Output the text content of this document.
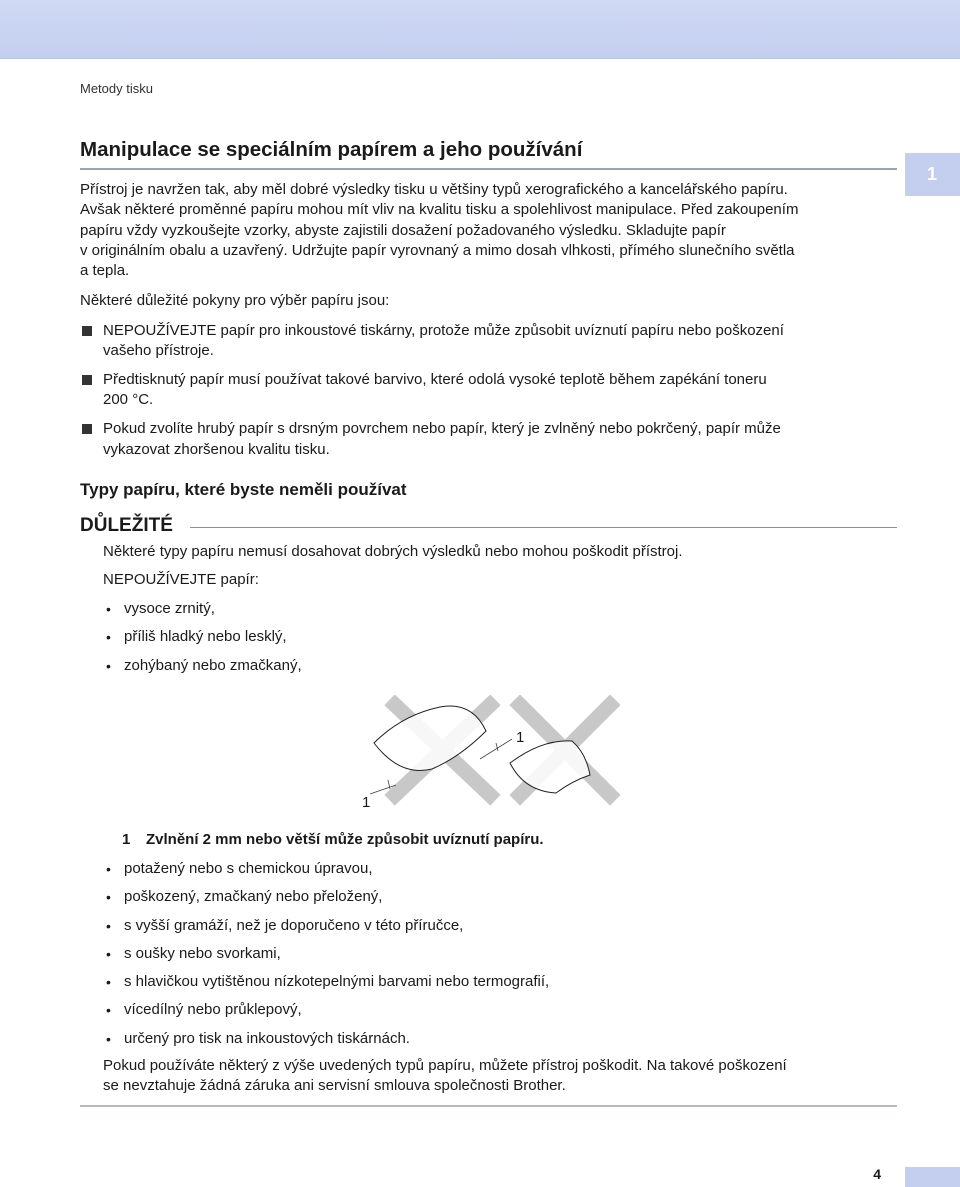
Metody tisku
1
Manipulace se speciálním papírem a jeho používání
Přístroj je navržen tak, aby měl dobré výsledky tisku u většiny typů xerografického a kancelářského papíru.
Avšak některé proměnné papíru mohou mít vliv na kvalitu tisku a spolehlivost manipulace. Před zakoupením
papíru vždy vyzkoušejte vzorky, abyste zajistili dosažení požadovaného výsledku. Skladujte papír
v originálním obalu a uzavřený. Udržujte papír vyrovnaný a mimo dosah vlhkosti, přímého slunečního světla
a tepla.

Některé důležité pokyny pro výběr papíru jsou:

NEPOUŽÍVEJTE papír pro inkoustové tiskárny, protože může způsobit uvíznutí papíru nebo poškození
vašeho přístroje.
Předtisknutý papír musí používat takové barvivo, které odolá vysoké teplotě během zapékání toneru
200 °C.
Pokud zvolíte hrubý papír s drsným povrchem nebo papír, který je zvlněný nebo pokrčený, papír může
vykazovat zhoršenou kvalitu tisku.
Typy papíru, které byste neměli používat
DŮLEŽITÉ

Některé typy papíru nemusí dosahovat dobrých výsledků nebo mohou poškodit přístroj.

NEPOUŽÍVEJTE papír:

• vysoce zrnitý,
• příliš hladký nebo lesklý,
• zohýbaný nebo zmačkaný,
1
1
1 Zvlnění 2 mm nebo větší může způsobit uvíznutí papíru.
• potažený nebo s chemickou úpravou,
• poškozený, zmačkaný nebo přeložený,
• s vyšší gramáží, než je doporučeno v této příručce,
• s oušky nebo svorkami,
• s hlavičkou vytištěnou nízkotepelnými barvami nebo termografií,
• vícedílný nebo průklepový,
• určený pro tisk na inkoustových tiskárnách.
Pokud používáte některý z výše uvedených typů papíru, můžete přístroj poškodit. Na takové poškození
se nevztahuje žádná záruka ani servisní smlouva společnosti Brother.
4
